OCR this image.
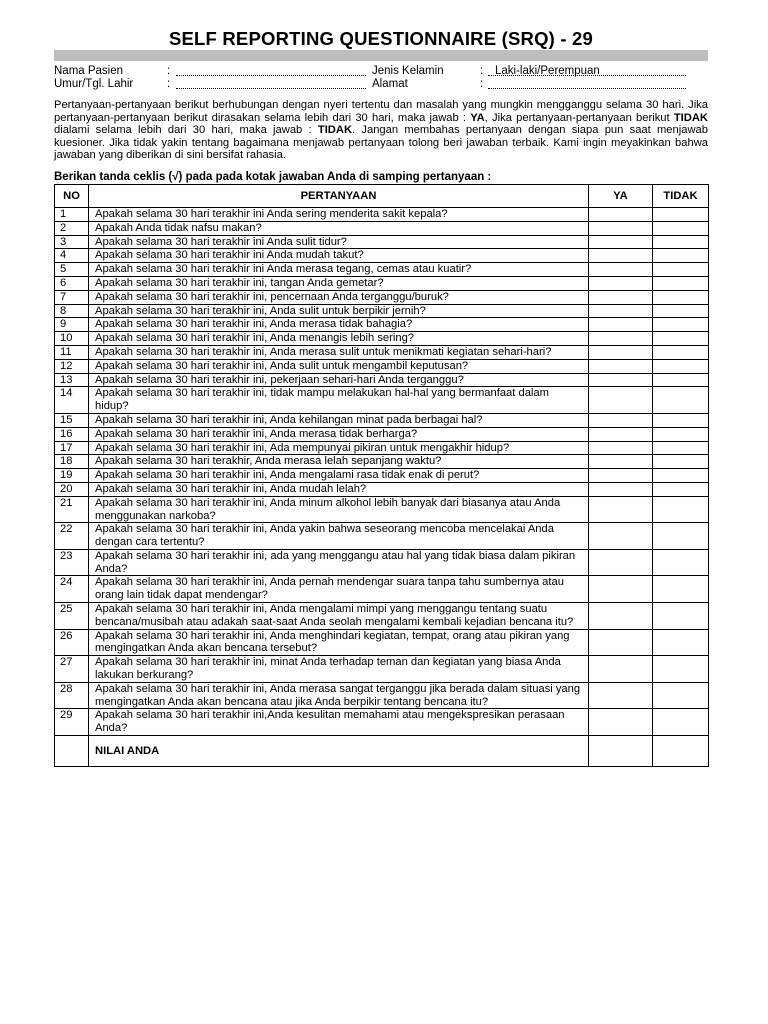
SELF REPORTING QUESTIONNAIRE (SRQ) - 29
Nama Pasien	:	Jenis Kelamin	: Laki-laki/Perempuan
Umur/Tgl. Lahir	:	Alamat	:
Pertanyaan-pertanyaan berikut berhubungan dengan nyeri tertentu dan masalah yang mungkin mengganggu selama 30 hari. Jika pertanyaan-pertanyaan berikut dirasakan selama lebih dari 30 hari, maka jawab : YA, Jika pertanyaan-pertanyaan berikut TIDAK dialami selama lebih dari 30 hari, maka jawab : TIDAK. Jangan membahas pertanyaan dengan siapa pun saat menjawab kuesioner. Jika tidak yakin tentang bagaimana menjawab pertanyaan tolong beri jawaban terbaik. Kami ingin meyakinkan bahwa jawaban yang diberikan di sini bersifat rahasia.
Berikan tanda ceklis (√) pada pada kotak jawaban Anda di samping pertanyaan :
NO	PERTANYAAN	YA	TIDAK
1	Apakah selama 30 hari terakhir ini Anda sering menderita sakit kepala?		
2	Apakah Anda tidak nafsu makan?		
3	Apakah selama 30 hari terakhir ini Anda sulit tidur?		
4	Apakah selama 30 hari terakhir ini Anda mudah takut?		
5	Apakah selama 30 hari terakhir ini Anda merasa tegang, cemas atau kuatir?		
6	Apakah selama 30 hari terakhir ini, tangan Anda gemetar?		
7	Apakah selama 30 hari terakhir ini, pencernaan Anda terganggu/buruk?		
8	Apakah selama 30 hari terakhir ini, Anda sulit untuk berpikir jernih?		
9	Apakah selama 30 hari terakhir ini, Anda merasa tidak bahagia?		
10	Apakah selama 30 hari terakhir ini, Anda menangis lebih sering?		
11	Apakah selama 30 hari terakhir ini, Anda merasa sulit untuk menikmati kegiatan sehari-hari?		
12	Apakah selama 30 hari terakhir ini, Anda sulit untuk mengambil keputusan?		
13	Apakah selama 30 hari terakhir ini, pekerjaan sehari-hari Anda terganggu?		
14	Apakah selama 30 hari terakhir ini, tidak mampu melakukan hal-hal yang bermanfaat dalam hidup?		
15	Apakah selama 30 hari terakhir ini, Anda kehilangan minat pada berbagai hal?		
16	Apakah selama 30 hari terakhir ini, Anda merasa tidak berharga?		
17	Apakah selama 30 hari terakhir ini, Ada mempunyai pikiran untuk mengakhir hidup?		
18	Apakah selama 30 hari terakhir, Anda merasa lelah sepanjang waktu?		
19	Apakah selama 30 hari terakhir ini, Anda mengalami rasa tidak enak di perut?		
20	Apakah selama 30 hari terakhir ini, Anda mudah lelah?		
21	Apakah selama 30 hari terakhir ini, Anda minum alkohol lebih banyak dari biasanya atau Anda menggunakan narkoba?		
22	Apakah selama 30 hari terakhir ini, Anda yakin bahwa seseorang mencoba mencelakai Anda dengan cara tertentu?		
23	Apakah selama 30 hari terakhir ini, ada yang menggangu atau hal yang tidak biasa dalam pikiran Anda?		
24	Apakah selama 30 hari terakhir ini, Anda pernah mendengar suara tanpa tahu sumbernya atau orang lain tidak dapat mendengar?		
25	Apakah selama 30 hari terakhir ini, Anda mengalami mimpi yang menggangu tentang suatu bencana/musibah atau adakah saat-saat Anda seolah mengalami kembali kejadian bencana itu?		
26	Apakah selama 30 hari terakhir ini, Anda menghindari kegiatan, tempat, orang atau pikiran yang mengingatkan Anda akan bencana tersebut?		
27	Apakah selama 30 hari terakhir ini, minat Anda terhadap teman dan kegiatan yang biasa Anda lakukan berkurang?		
28	Apakah selama 30 hari terakhir ini, Anda merasa sangat terganggu jika berada dalam situasi yang mengingatkan Anda akan bencana atau jika Anda berpikir tentang bencana itu?		
29	Apakah selama 30 hari terakhir ini,Anda kesulitan memahami atau mengekspresikan perasaan Anda?		
	NILAI ANDA		
